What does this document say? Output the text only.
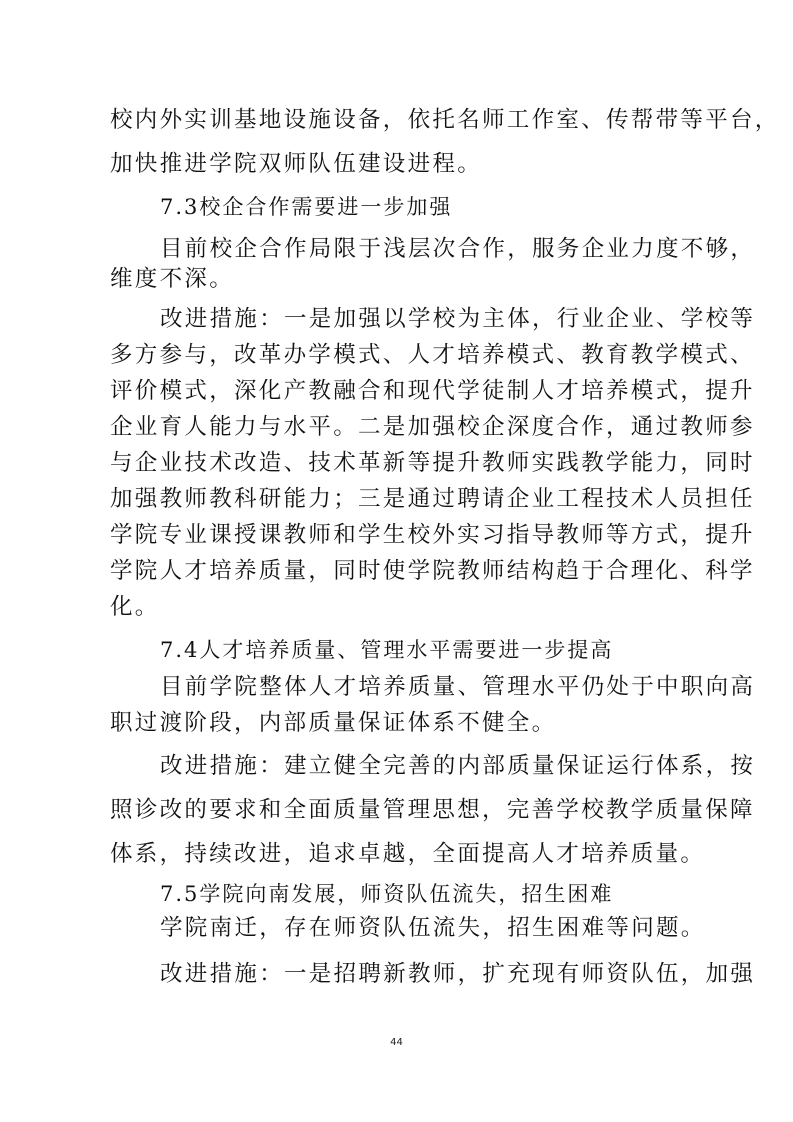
校内外实训基地设施设备，依托名师工作室、传帮带等平台，
加快推进学院双师队伍建设进程。
7.3校企合作需要进一步加强
目前校企合作局限于浅层次合作，服务企业力度不够，
维度不深。
改进措施：一是加强以学校为主体，行业企业、学校等
多方参与，改革办学模式、人才培养模式、教育教学模式、
评价模式，深化产教融合和现代学徒制人才培养模式，提升
企业育人能力与水平。二是加强校企深度合作，通过教师参
与企业技术改造、技术革新等提升教师实践教学能力，同时
加强教师教科研能力；三是通过聘请企业工程技术人员担任
学院专业课授课教师和学生校外实习指导教师等方式，提升
学院人才培养质量，同时使学院教师结构趋于合理化、科学
化。
7.4人才培养质量、管理水平需要进一步提高
目前学院整体人才培养质量、管理水平仍处于中职向高
职过渡阶段，内部质量保证体系不健全。
改进措施：建立健全完善的内部质量保证运行体系，按
照诊改的要求和全面质量管理思想，完善学校教学质量保障
体系，持续改进，追求卓越，全面提高人才培养质量。
7.5学院向南发展，师资队伍流失，招生困难
学院南迁，存在师资队伍流失，招生困难等问题。
改进措施：一是招聘新教师，扩充现有师资队伍，加强
44
